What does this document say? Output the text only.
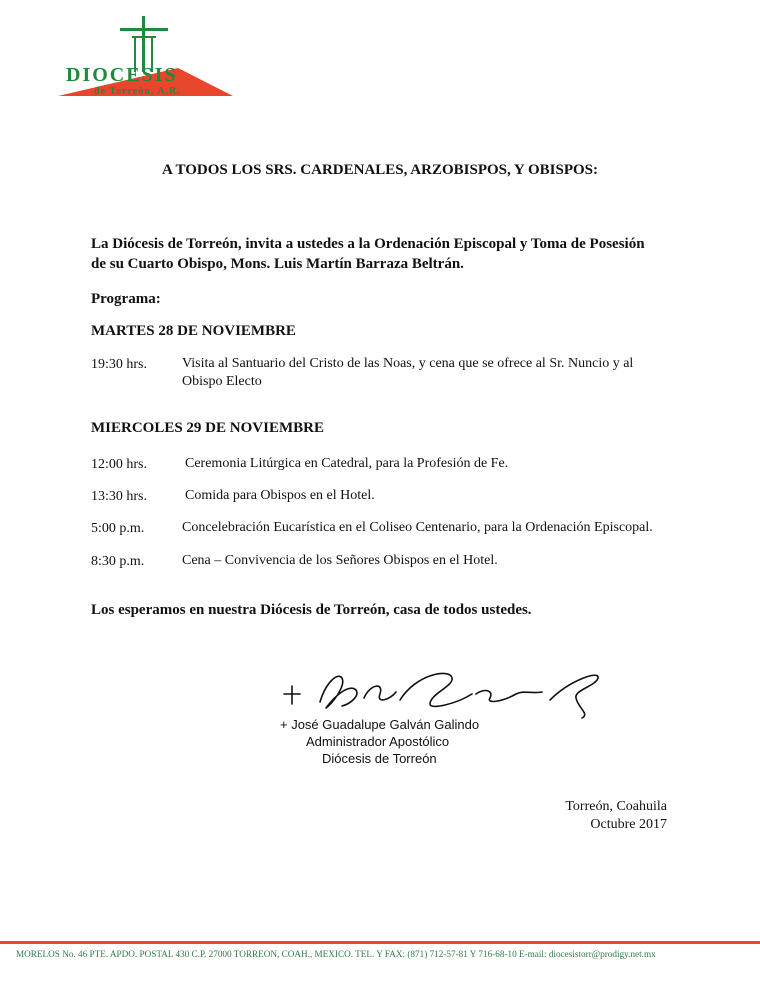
DIOCESIS
de Torreón, A.R.
A TODOS LOS SRS. CARDENALES, ARZOBISPOS, Y OBISPOS:
La Diócesis de Torreón, invita a ustedes a la Ordenación Episcopal y Toma de Posesión de su Cuarto Obispo, Mons. Luis Martín Barraza Beltrán.
Programa:
MARTES 28 DE NOVIEMBRE
19:30 hrs.	Visita al Santuario del Cristo de las Noas, y cena que se ofrece al Sr. Nuncio y al Obispo Electo
MIERCOLES 29 DE NOVIEMBRE
12:00 hrs.	Ceremonia Litúrgica en Catedral, para la Profesión de Fe.
13:30 hrs.	Comida para Obispos en el Hotel.
5:00 p.m.	Concelebración Eucarística en el Coliseo Centenario, para la Ordenación Episcopal.
8:30 p.m.	Cena – Convivencia de los Señores Obispos en el Hotel.
Los esperamos en nuestra Diócesis de Torreón, casa de todos ustedes.
+ José Guadalupe Galván Galindo
Administrador Apostólico
Diócesis de Torreón
Torreón, Coahuila
Octubre 2017
MORELOS No. 46 PTE. APDO. POSTAL 430 C.P. 27000 TORREON, COAH., MEXICO. TEL. Y FAX: (871) 712-57-81 Y 716-68-10 E-mail: diocesistorr@prodigy.net.mx
